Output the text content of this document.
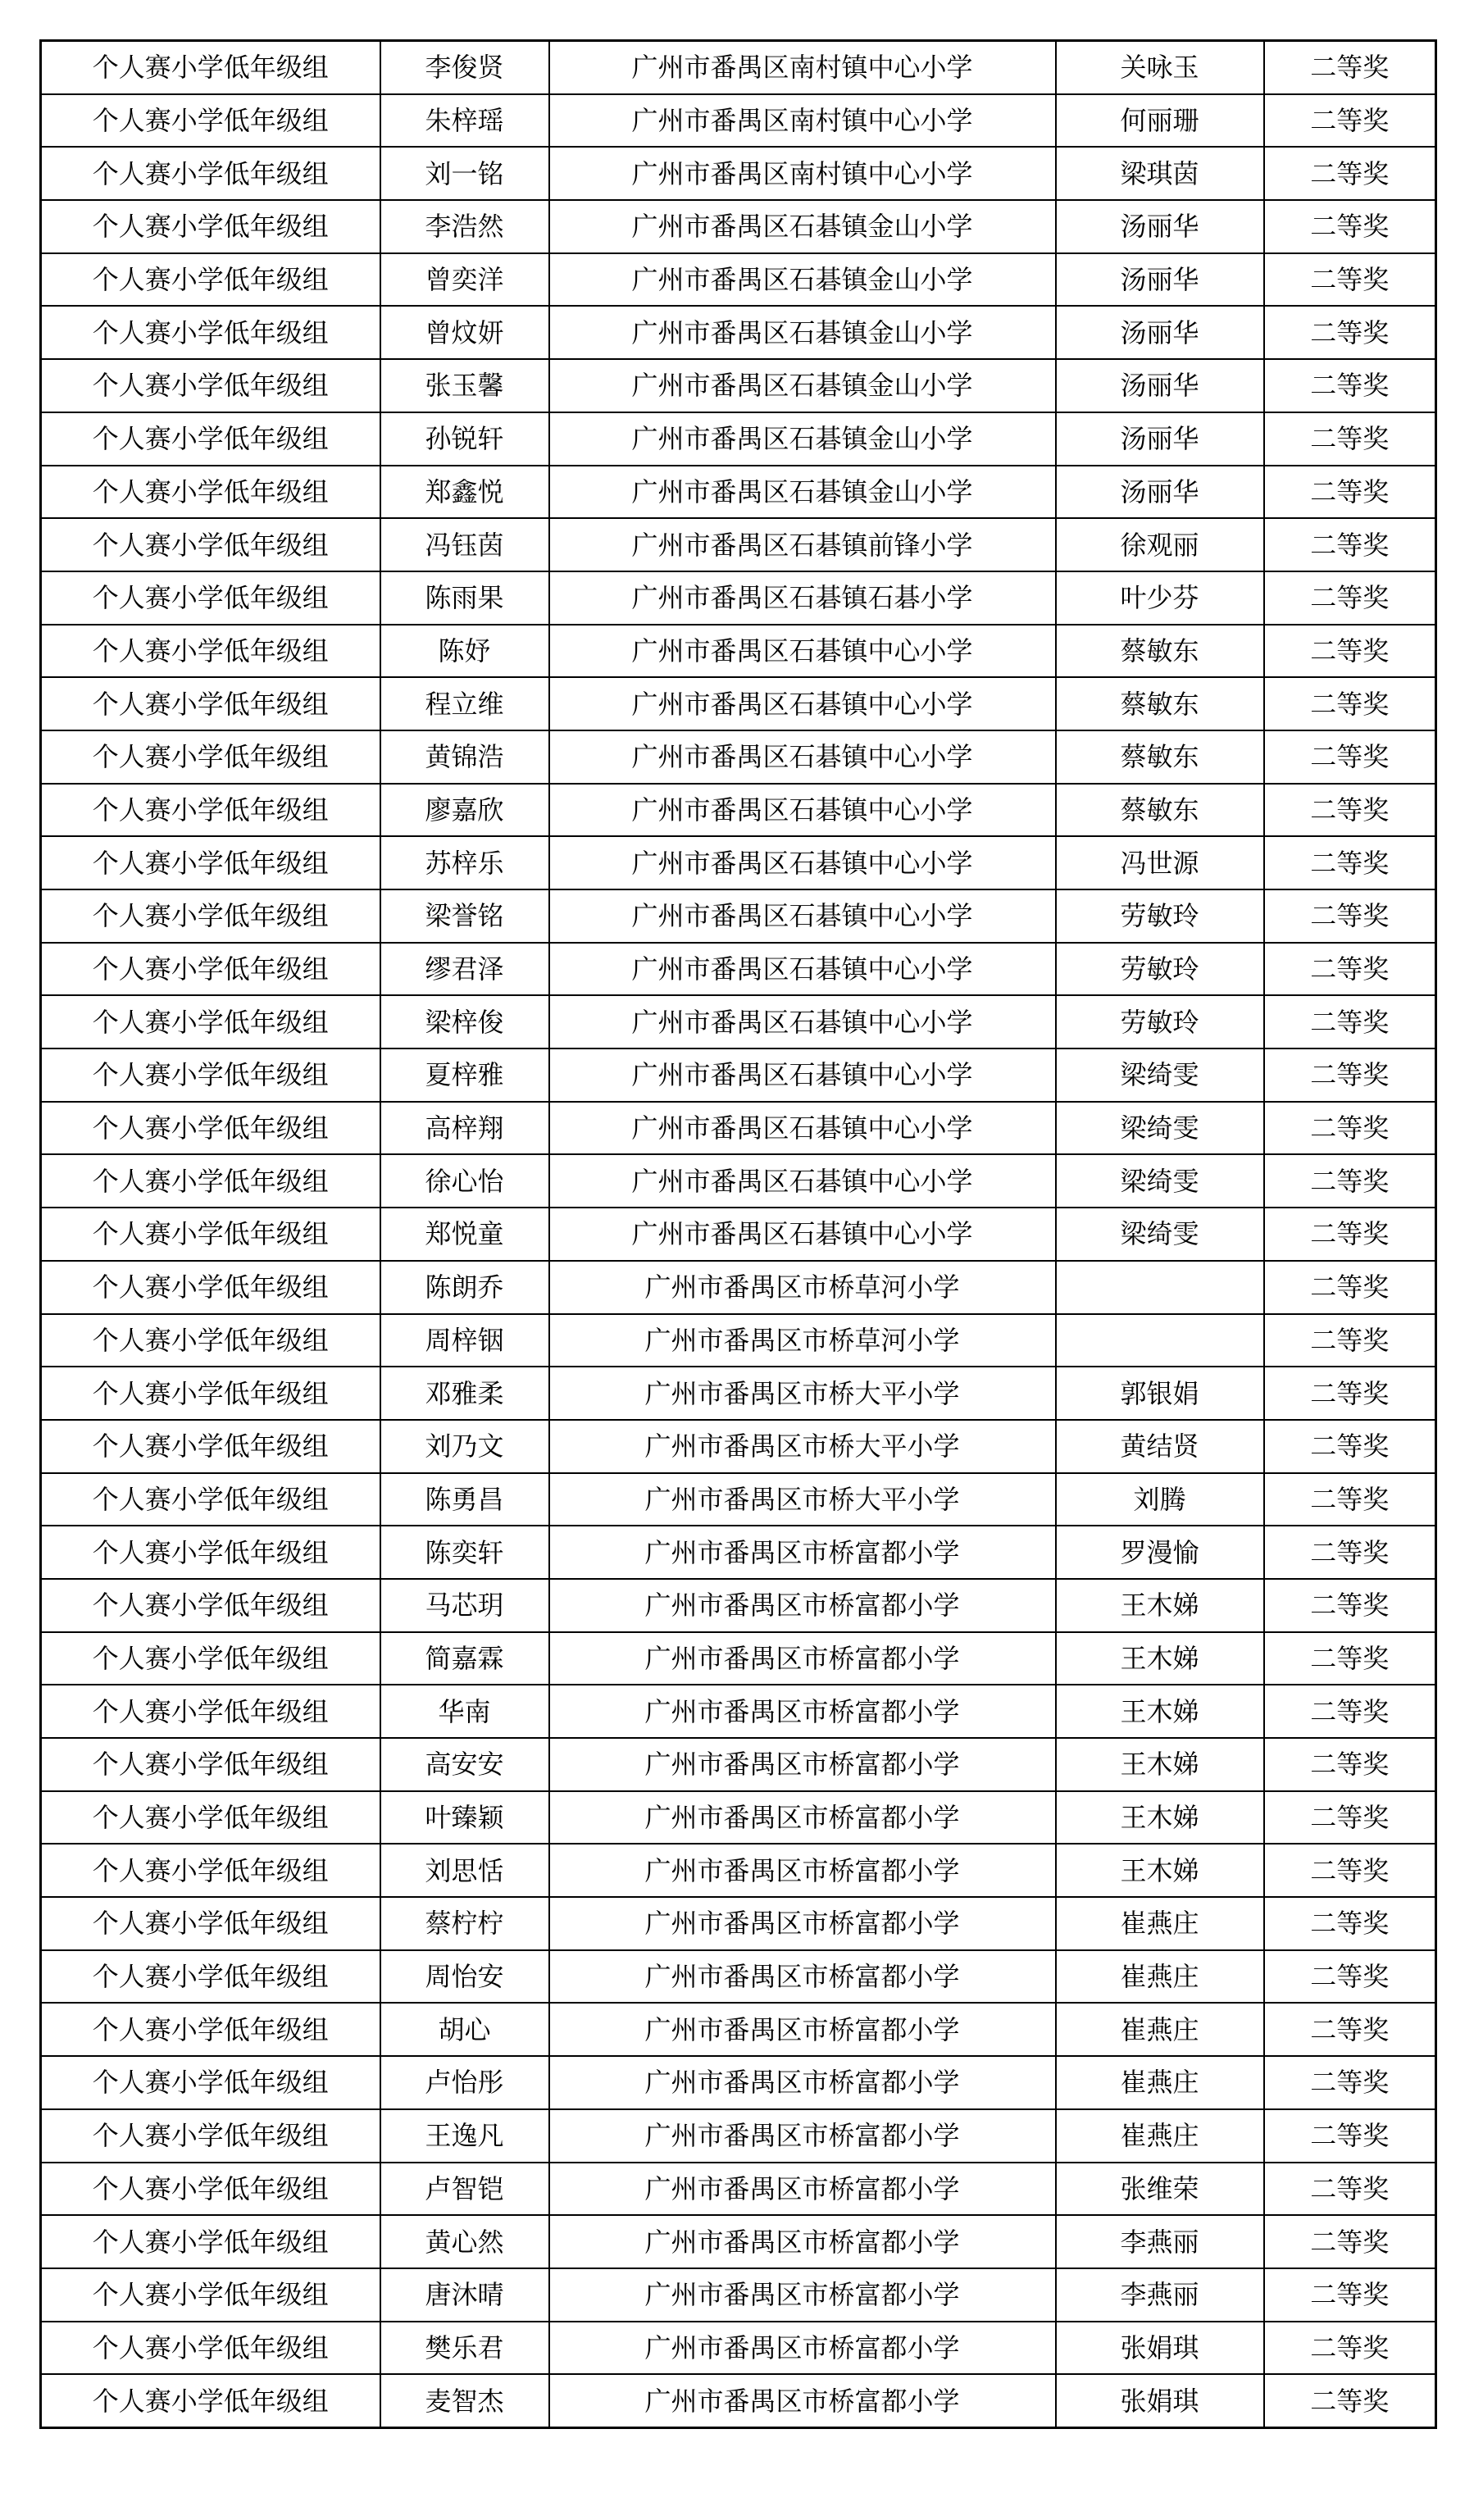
个人赛小学低年级组	李俊贤	广州市番禺区南村镇中心小学	关咏玉	二等奖
个人赛小学低年级组	朱梓瑶	广州市番禺区南村镇中心小学	何丽珊	二等奖
个人赛小学低年级组	刘一铭	广州市番禺区南村镇中心小学	梁琪茵	二等奖
个人赛小学低年级组	李浩然	广州市番禺区石碁镇金山小学	汤丽华	二等奖
个人赛小学低年级组	曾奕洋	广州市番禺区石碁镇金山小学	汤丽华	二等奖
个人赛小学低年级组	曾炆妍	广州市番禺区石碁镇金山小学	汤丽华	二等奖
个人赛小学低年级组	张玉馨	广州市番禺区石碁镇金山小学	汤丽华	二等奖
个人赛小学低年级组	孙锐轩	广州市番禺区石碁镇金山小学	汤丽华	二等奖
个人赛小学低年级组	郑鑫悦	广州市番禺区石碁镇金山小学	汤丽华	二等奖
个人赛小学低年级组	冯钰茵	广州市番禺区石碁镇前锋小学	徐观丽	二等奖
个人赛小学低年级组	陈雨果	广州市番禺区石碁镇石碁小学	叶少芬	二等奖
个人赛小学低年级组	陈妤	广州市番禺区石碁镇中心小学	蔡敏东	二等奖
个人赛小学低年级组	程立维	广州市番禺区石碁镇中心小学	蔡敏东	二等奖
个人赛小学低年级组	黄锦浩	广州市番禺区石碁镇中心小学	蔡敏东	二等奖
个人赛小学低年级组	廖嘉欣	广州市番禺区石碁镇中心小学	蔡敏东	二等奖
个人赛小学低年级组	苏梓乐	广州市番禺区石碁镇中心小学	冯世源	二等奖
个人赛小学低年级组	梁誉铭	广州市番禺区石碁镇中心小学	劳敏玲	二等奖
个人赛小学低年级组	缪君泽	广州市番禺区石碁镇中心小学	劳敏玲	二等奖
个人赛小学低年级组	梁梓俊	广州市番禺区石碁镇中心小学	劳敏玲	二等奖
个人赛小学低年级组	夏梓雅	广州市番禺区石碁镇中心小学	梁绮雯	二等奖
个人赛小学低年级组	高梓翔	广州市番禺区石碁镇中心小学	梁绮雯	二等奖
个人赛小学低年级组	徐心怡	广州市番禺区石碁镇中心小学	梁绮雯	二等奖
个人赛小学低年级组	郑悦童	广州市番禺区石碁镇中心小学	梁绮雯	二等奖
个人赛小学低年级组	陈朗乔	广州市番禺区市桥草河小学		二等奖
个人赛小学低年级组	周梓铟	广州市番禺区市桥草河小学		二等奖
个人赛小学低年级组	邓雅柔	广州市番禺区市桥大平小学	郭银娟	二等奖
个人赛小学低年级组	刘乃文	广州市番禺区市桥大平小学	黄结贤	二等奖
个人赛小学低年级组	陈勇昌	广州市番禺区市桥大平小学	刘腾	二等奖
个人赛小学低年级组	陈奕轩	广州市番禺区市桥富都小学	罗漫愉	二等奖
个人赛小学低年级组	马芯玥	广州市番禺区市桥富都小学	王木娣	二等奖
个人赛小学低年级组	简嘉霖	广州市番禺区市桥富都小学	王木娣	二等奖
个人赛小学低年级组	华南	广州市番禺区市桥富都小学	王木娣	二等奖
个人赛小学低年级组	高安安	广州市番禺区市桥富都小学	王木娣	二等奖
个人赛小学低年级组	叶臻颖	广州市番禺区市桥富都小学	王木娣	二等奖
个人赛小学低年级组	刘思恬	广州市番禺区市桥富都小学	王木娣	二等奖
个人赛小学低年级组	蔡柠柠	广州市番禺区市桥富都小学	崔燕庄	二等奖
个人赛小学低年级组	周怡安	广州市番禺区市桥富都小学	崔燕庄	二等奖
个人赛小学低年级组	胡心	广州市番禺区市桥富都小学	崔燕庄	二等奖
个人赛小学低年级组	卢怡彤	广州市番禺区市桥富都小学	崔燕庄	二等奖
个人赛小学低年级组	王逸凡	广州市番禺区市桥富都小学	崔燕庄	二等奖
个人赛小学低年级组	卢智铠	广州市番禺区市桥富都小学	张维荣	二等奖
个人赛小学低年级组	黄心然	广州市番禺区市桥富都小学	李燕丽	二等奖
个人赛小学低年级组	唐沐晴	广州市番禺区市桥富都小学	李燕丽	二等奖
个人赛小学低年级组	樊乐君	广州市番禺区市桥富都小学	张娟琪	二等奖
个人赛小学低年级组	麦智杰	广州市番禺区市桥富都小学	张娟琪	二等奖
